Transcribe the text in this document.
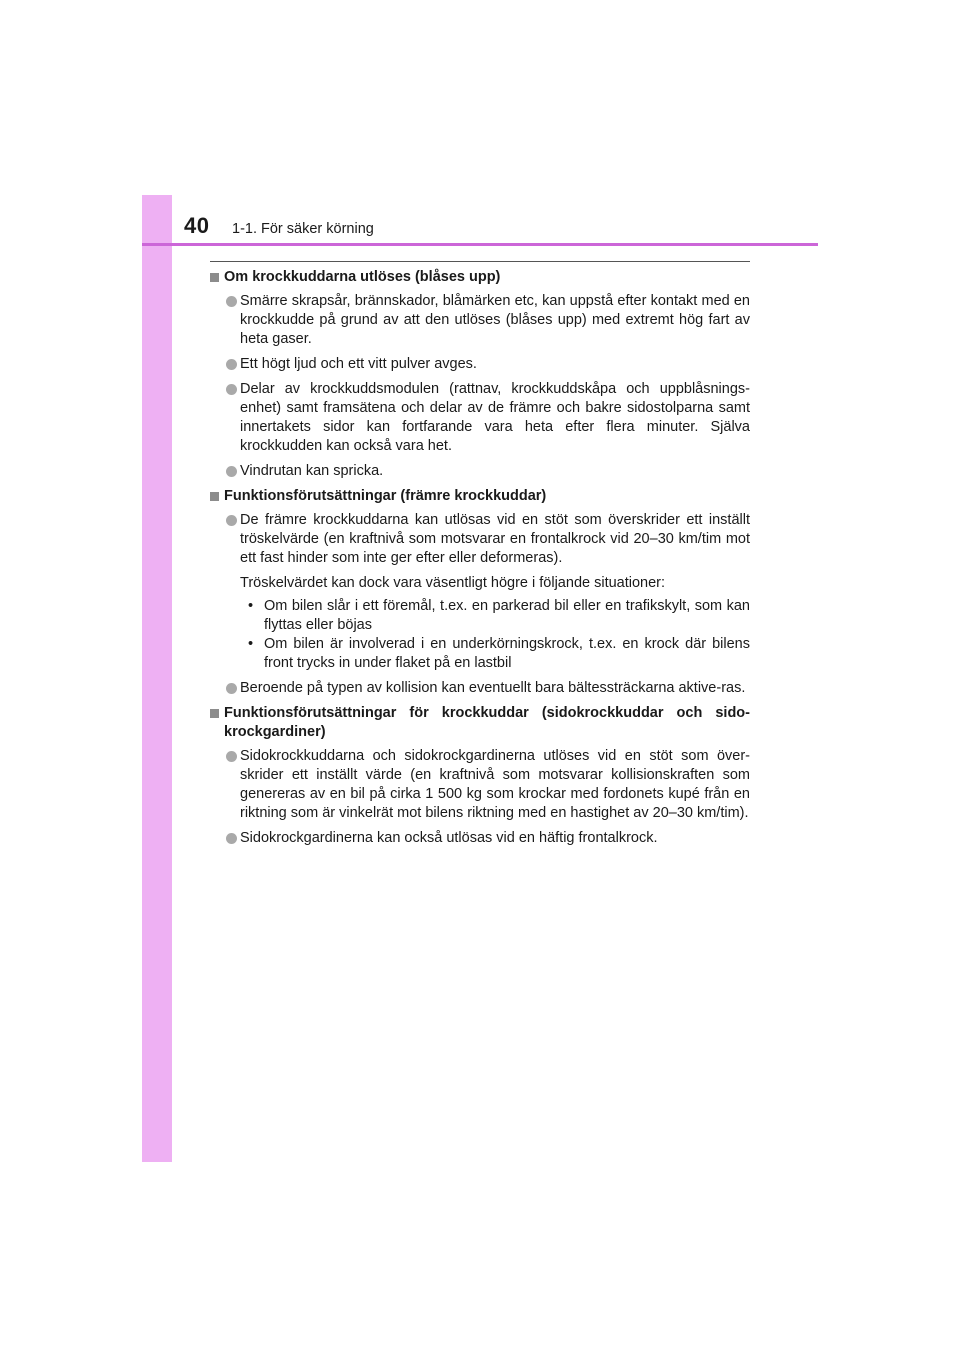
40 1-1. För säker körning
Om krockkuddarna utlöses (blåses upp)
Smärre skrapsår, brännskador, blåmärken etc, kan uppstå efter kontakt med en krockkudde på grund av att den utlöses (blåses upp) med extremt hög fart av heta gaser.
Ett högt ljud och ett vitt pulver avges.
Delar av krockkuddsmodulen (rattnav, krockkuddskåpa och uppblåsnings-enhet) samt framsätena och delar av de främre och bakre sidostolparna samt innertakets sidor kan fortfarande vara heta efter flera minuter. Själva krockkudden kan också vara het.
Vindrutan kan spricka.
Funktionsförutsättningar (främre krockkuddar)
De främre krockkuddarna kan utlösas vid en stöt som överskrider ett inställt tröskelvärde (en kraftnivå som motsvarar en frontalkrock vid 20–30 km/tim mot ett fast hinder som inte ger efter eller deformeras).
Tröskelvärdet kan dock vara väsentligt högre i följande situationer:
• Om bilen slår i ett föremål, t.ex. en parkerad bil eller en trafikskylt, som kan flyttas eller böjas
• Om bilen är involverad i en underkörningskrock, t.ex. en krock där bilens front trycks in under flaket på en lastbil
Beroende på typen av kollision kan eventuellt bara bältessträckarna aktive-ras.
Funktionsförutsättningar för krockkuddar (sidokrockkuddar och sido-krockgardiner)
Sidokrockkuddarna och sidokrockgardinerna utlöses vid en stöt som över-skrider ett inställt värde (en kraftnivå som motsvarar kollisionskraften som genereras av en bil på cirka 1 500 kg som krockar med fordonets kupé från en riktning som är vinkelrät mot bilens riktning med en hastighet av 20–30 km/tim).
Sidokrockgardinerna kan också utlösas vid en häftig frontalkrock.
